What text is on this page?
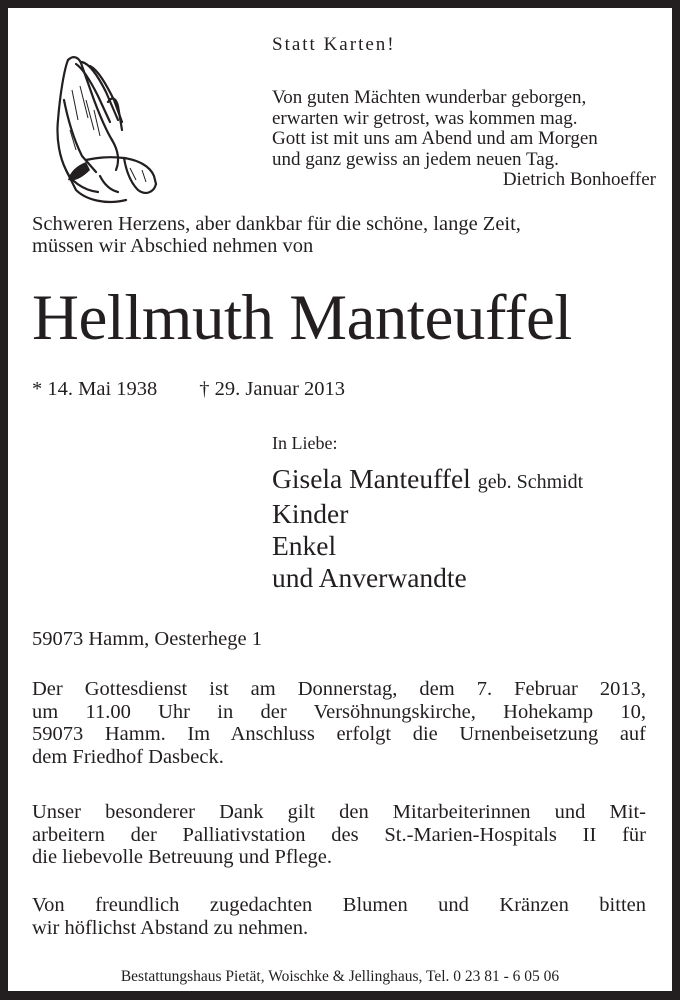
Statt Karten!
Von guten Mächten wunderbar geborgen,
erwarten wir getrost, was kommen mag.
Gott ist mit uns am Abend und am Morgen
und ganz gewiss an jedem neuen Tag.
Dietrich Bonhoeffer
Schweren Herzens, aber dankbar für die schöne, lange Zeit,
müssen wir Abschied nehmen von
Hellmuth Manteuffel
* 14. Mai 1938 † 29. Januar 2013
In Liebe:
Gisela Manteuffel geb. Schmidt
Kinder
Enkel
und Anverwandte
59073 Hamm, Oesterhege 1
Der Gottesdienst ist am Donnerstag, dem 7. Februar 2013,
um 11.00 Uhr in der Versöhnungskirche, Hohekamp 10,
59073 Hamm. Im Anschluss erfolgt die Urnenbeisetzung auf
dem Friedhof Dasbeck.
Unser besonderer Dank gilt den Mitarbeiterinnen und Mit-
arbeitern der Palliativstation des St.-Marien-Hospitals II für
die liebevolle Betreuung und Pflege.
Von freundlich zugedachten Blumen und Kränzen bitten
wir höflichst Abstand zu nehmen.
Bestattungshaus Pietät, Woischke & Jellinghaus, Tel. 0 23 81 - 6 05 06
